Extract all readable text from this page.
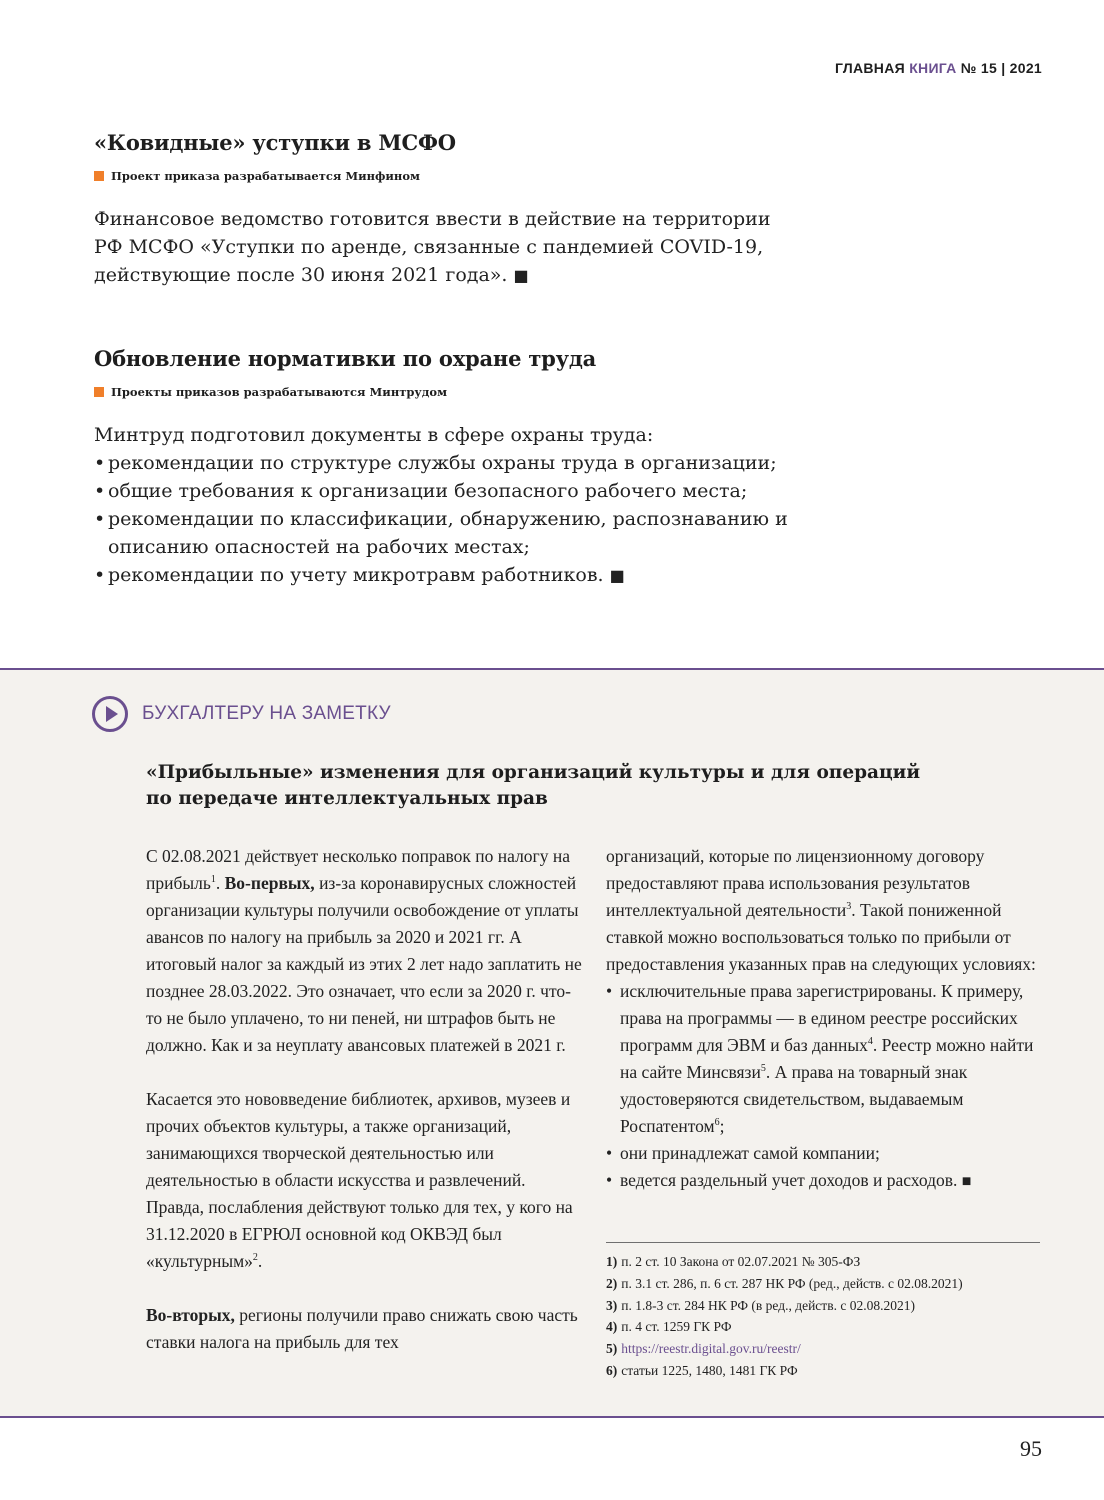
ГЛАВНАЯ КНИГА № 15 | 2021
«Ковидные» уступки в МСФО
Проект приказа разрабатывается Минфином

Финансовое ведомство готовится ввести в действие на территории РФ МСФО «Уступки по аренде, связанные с пандемией COVID-19, действующие после 30 июня 2021 года». ■

Обновление нормативки по охране труда
Проекты приказов разрабатываются Минтрудом

Минтруд подготовил документы в сфере охраны труда:

• рекомендации по структуре службы охраны труда в организации;
• общие требования к организации безопасного рабочего места;
• рекомендации по классификации, обнаружению, распознаванию и описанию опасностей на рабочих местах;
• рекомендации по учету микротравм работников. ■
БУХГАЛТЕРУ НА ЗАМЕТКУ
«Прибыльные» изменения для организаций культуры и для операций
по передаче интеллектуальных прав

С 02.08.2021 действует несколько поправок по налогу на прибыль$^1$. Во-первых, из-за коронавирусных сложностей организации культуры получили освобождение от уплаты авансов по налогу на прибыль за 2020 и 2021 гг. А итоговый налог за каждый из этих 2 лет надо заплатить не позднее 28.03.2022. Это означает, что если за 2020 г. что-то не было уплачено, то ни пеней, ни штрафов быть не должно. Как и за неуплату авансовых платежей в 2021 г.

Касается это нововведение библиотек, архивов, музеев и прочих объектов культуры, а также организаций, занимающихся творческой деятельностью или деятельностью в области искусства и развлечений. Правда, послабления действуют только для тех, у кого на 31.12.2020 в ЕГРЮЛ основной код ОКВЭД был «культурным»$^2$.

Во-вторых, регионы получили право снижать свою часть ставки налога на прибыль для тех

организаций, которые по лицензионному договору предоставляют права использования результатов интеллектуальной деятельности$^3$. Такой пониженной ставкой можно воспользоваться только по прибыли от предоставления указанных прав на следующих условиях:

• исключительные права зарегистрированы. К примеру, права на программы — в едином реестре российских программ для ЭВМ и баз данных$^4$. Реестр можно найти на сайте Минсвязи$^5$. А права на товарный знак удостоверяются свидетельством, выдаваемым Роспатентом$^6$;
• они принадлежат самой компании;
• ведется раздельный учет доходов и расходов. ■
1) п. 2 ст. 10 Закона от 02.07.2021 № 305-ФЗ
2) п. 3.1 ст. 286, п. 6 ст. 287 НК РФ (ред., действ. с 02.08.2021)
3) п. 1.8-3 ст. 284 НК РФ (в ред., действ. с 02.08.2021)
4) п. 4 ст. 1259 ГК РФ
5) https://reestr.digital.gov.ru/reestr/
6) статьи 1225, 1480, 1481 ГК РФ
95
